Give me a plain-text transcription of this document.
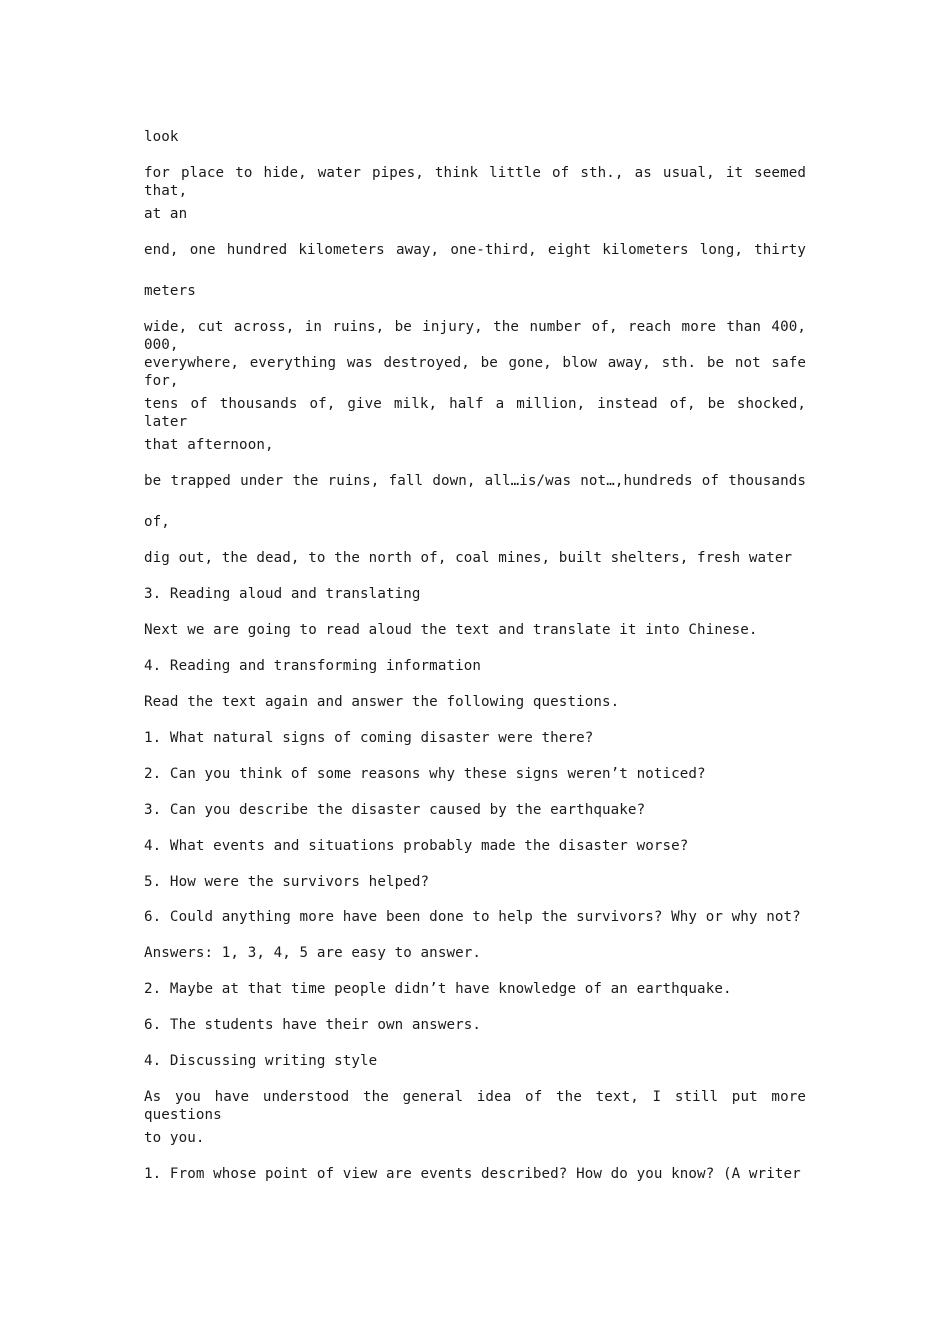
look
for place to hide, water pipes, think little of sth., as usual, it seemed that,
at an
end, one hundred kilometers away, one-third, eight kilometers long, thirty
meters
wide, cut across, in ruins, be injury, the number of, reach more than 400, 000,
everywhere, everything was destroyed, be gone, blow away, sth. be not safe for,
tens of thousands of, give milk, half a million, instead of, be shocked, later
that afternoon,
be trapped under the ruins, fall down, all…is/was not…,hundreds of thousands
of,
dig out, the dead, to the north of, coal mines, built shelters, fresh water
3. Reading aloud and translating
Next we are going to read aloud the text and translate it into Chinese.
4. Reading and transforming information
Read the text again and answer the following questions.
1. What natural signs of coming disaster were there?
2. Can you think of some reasons why these signs weren’t noticed?
3. Can you describe the disaster caused by the earthquake?
4. What events and situations probably made the disaster worse?
5. How were the survivors helped?
6. Could anything more have been done to help the survivors? Why or why not?
Answers: 1, 3, 4, 5 are easy to answer.
2. Maybe at that time people didn’t have knowledge of an earthquake.
6. The students have their own answers.
4. Discussing writing style
As you have understood the general idea of the text, I still put more questions
to you.
1. From whose point of view are events described? How do you know? (A writer
